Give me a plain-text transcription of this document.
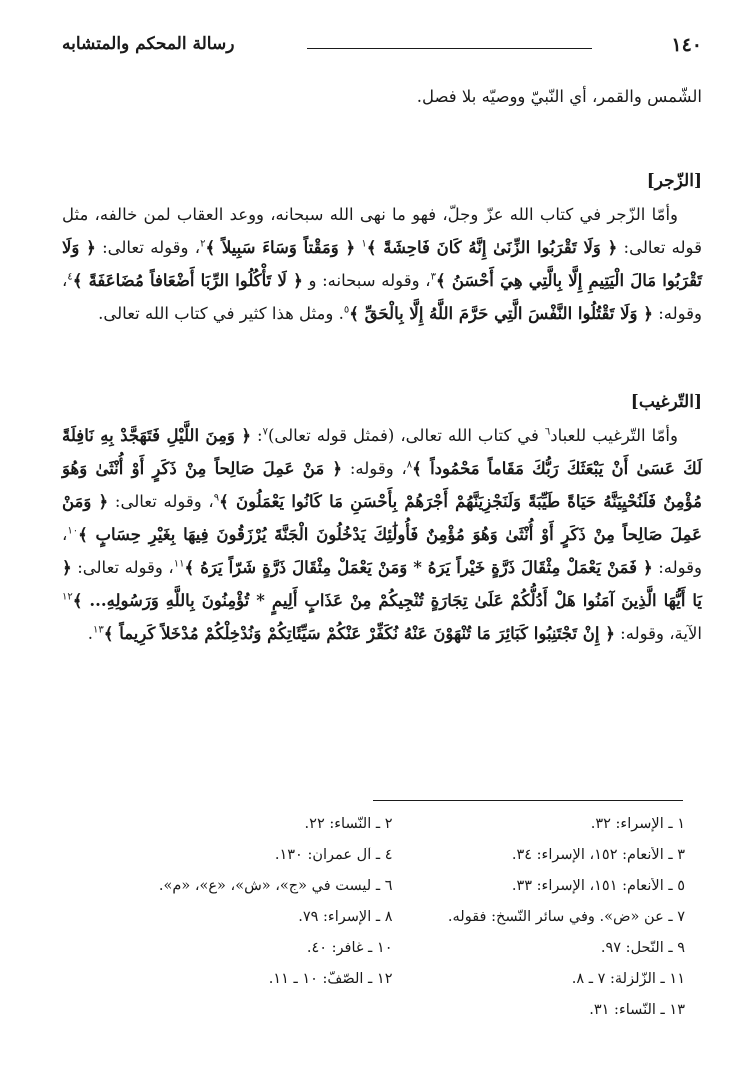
١٤٠
رسالة المحكم والمتشابه

الشّمس والقمر، أي النّبيّ ووصيّه بلا فصل.

[الزّجر]

وأمّا الزّجر في كتاب الله عزّ وجلّ، فهو ما نهى الله سبحانه، ووعد العقاب لمن خالفه، مثل قوله تعالى: ﴿ وَلَا تَقْرَبُوا الزِّنَىٰ إِنَّهُ كَانَ فَاحِشَةً ﴾$^١$ ﴿ وَمَقْتاً وَسَاءَ سَبِيلاً ﴾$^٢$، وقوله تعالى: ﴿ وَلَا تَقْرَبُوا مَالَ الْيَتِيمِ إِلَّا بِالَّتِي هِيَ أَحْسَنُ ﴾$^٣$، وقوله سبحانه: و ﴿ لَا تَأْكُلُوا الرِّبَا أَضْعَافاً مُضَاعَفَةً ﴾$^٤$، وقوله: ﴿ وَلَا تَقْتُلُوا النَّفْسَ الَّتِي حَرَّمَ اللَّهُ إِلَّا بِالْحَقِّ ﴾$^٥$. ومثل هذا كثير في كتاب الله تعالى.

[التّرغيب]

وأمّا التّرغيب للعباد$^٦$ في كتاب الله تعالى، (فمثل قوله تعالى)$^٧$: ﴿ وَمِنَ اللَّيْلِ فَتَهَجَّدْ بِهِ نَافِلَةً لَكَ عَسَىٰ أَنْ يَبْعَثَكَ رَبُّكَ مَقَاماً مَحْمُوداً ﴾$^٨$، وقوله: ﴿ مَنْ عَمِلَ صَالِحاً مِنْ ذَكَرٍ أَوْ أُنْثَىٰ وَهُوَ مُؤْمِنٌ فَلَنُحْيِيَنَّهُ حَيَاةً طَيِّبَةً وَلَنَجْزِيَنَّهُمْ أَجْرَهُمْ بِأَحْسَنِ مَا كَانُوا يَعْمَلُونَ ﴾$^٩$، وقوله تعالى: ﴿ وَمَنْ عَمِلَ صَالِحاً مِنْ ذَكَرٍ أَوْ أُنْثَىٰ وَهُوَ مُؤْمِنٌ فَأُولَٰئِكَ يَدْخُلُونَ الْجَنَّةَ يُرْزَقُونَ فِيهَا بِغَيْرِ حِسَابٍ ﴾$^{١٠}$، وقوله: ﴿ فَمَنْ يَعْمَلْ مِثْقَالَ ذَرَّةٍ خَيْراً يَرَهُ * وَمَنْ يَعْمَلْ مِثْقَالَ ذَرَّةٍ شَرّاً يَرَهُ ﴾$^{١١}$، وقوله تعالى: ﴿ يَا أَيُّهَا الَّذِينَ آمَنُوا هَلْ أَدُلُّكُمْ عَلَىٰ تِجَارَةٍ تُنْجِيكُمْ مِنْ عَذَابٍ أَلِيمٍ * تُؤْمِنُونَ بِاللَّهِ وَرَسُولِهِ... ﴾$^{١٢}$ الآية، وقوله: ﴿ إِنْ تَجْتَنِبُوا كَبَائِرَ مَا تُنْهَوْنَ عَنْهُ نُكَفِّرْ عَنْكُمْ سَيِّئَاتِكُمْ وَنُدْخِلْكُمْ مُدْخَلاً كَرِيماً ﴾$^{١٣}$.

١ ـ الإسراء: ٣٢.
٢ ـ النّساء: ٢٢.
٣ ـ الأنعام: ١٥٢، الإسراء: ٣٤.
٤ ـ آل عمران: ١٣٠.
٥ ـ الأنعام: ١٥١، الإسراء: ٣٣.
٦ ـ ليست في «ج»، «ش»، «ع»، «م».
٧ ـ عن «ض». وفي سائر النّسخ: فقوله.
٨ ـ الإسراء: ٧٩.
٩ ـ النّحل: ٩٧.
١٠ ـ غافر: ٤٠.
١١ ـ الزّلزلة: ٧ ـ ٨.
١٢ ـ الصّفّ: ١٠ ـ ١١.
١٣ ـ النّساء: ٣١.
